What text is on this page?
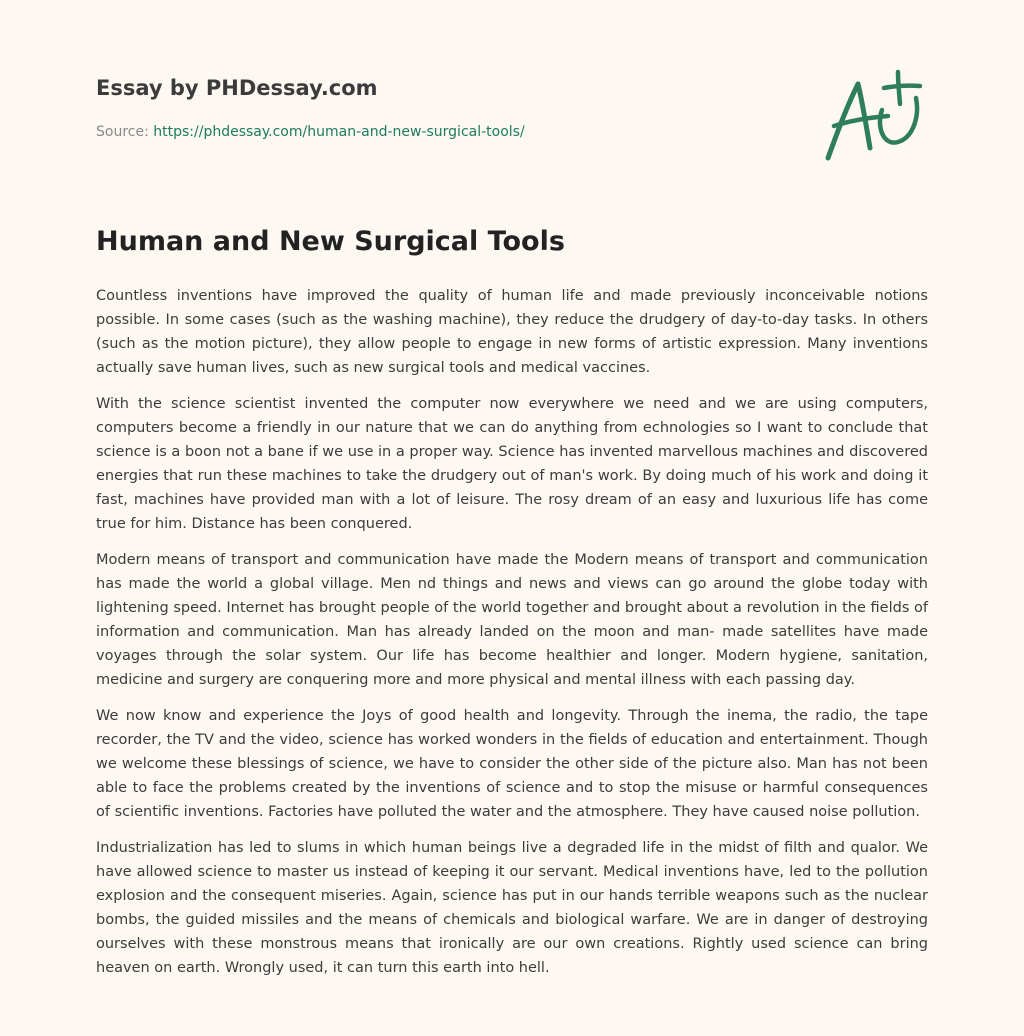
Essay by PHDessay.com

Source: https://phdessay.com/human-and-new-surgical-tools/

Human and New Surgical Tools

Countless inventions have improved the quality of human life and made previously inconceivable notions possible. In some cases (such as the washing machine), they reduce the drudgery of day-to-day tasks. In others (such as the motion picture), they allow people to engage in new forms of artistic expression. Many inventions actually save human lives, such as new surgical tools and medical vaccines.

With the science scientist invented the computer now everywhere we need and we are using computers, computers become a friendly in our nature that we can do anything from echnologies so I want to conclude that science is a boon not a bane if we use in a proper way. Science has invented marvellous machines and discovered energies that run these machines to take the drudgery out of man's work. By doing much of his work and doing it fast, machines have provided man with a lot of leisure. The rosy dream of an easy and luxurious life has come true for him. Distance has been conquered.

Modern means of transport and communication have made the Modern means of transport and communication has made the world a global village. Men nd things and news and views can go around the globe today with lightening speed. Internet has brought people of the world together and brought about a revolution in the fields of information and communication. Man has already landed on the moon and man- made satellites have made voyages through the solar system. Our life has become healthier and longer. Modern hygiene, sanitation, medicine and surgery are conquering more and more physical and mental illness with each passing day.

We now know and experience the Joys of good health and longevity. Through the inema, the radio, the tape recorder, the TV and the video, science has worked wonders in the fields of education and entertainment. Though we welcome these blessings of science, we have to consider the other side of the picture also. Man has not been able to face the problems created by the inventions of science and to stop the misuse or harmful consequences of scientific inventions. Factories have polluted the water and the atmosphere. They have caused noise pollution.

Industrialization has led to slums in which human beings live a degraded life in the midst of filth and qualor. We have allowed science to master us instead of keeping it our servant. Medical inventions have, led to the pollution explosion and the consequent miseries. Again, science has put in our hands terrible weapons such as the nuclear bombs, the guided missiles and the means of chemicals and biological warfare. We are in danger of destroying ourselves with these monstrous means that ironically are our own creations. Rightly used science can bring heaven on earth. Wrongly used, it can turn this earth into hell.
